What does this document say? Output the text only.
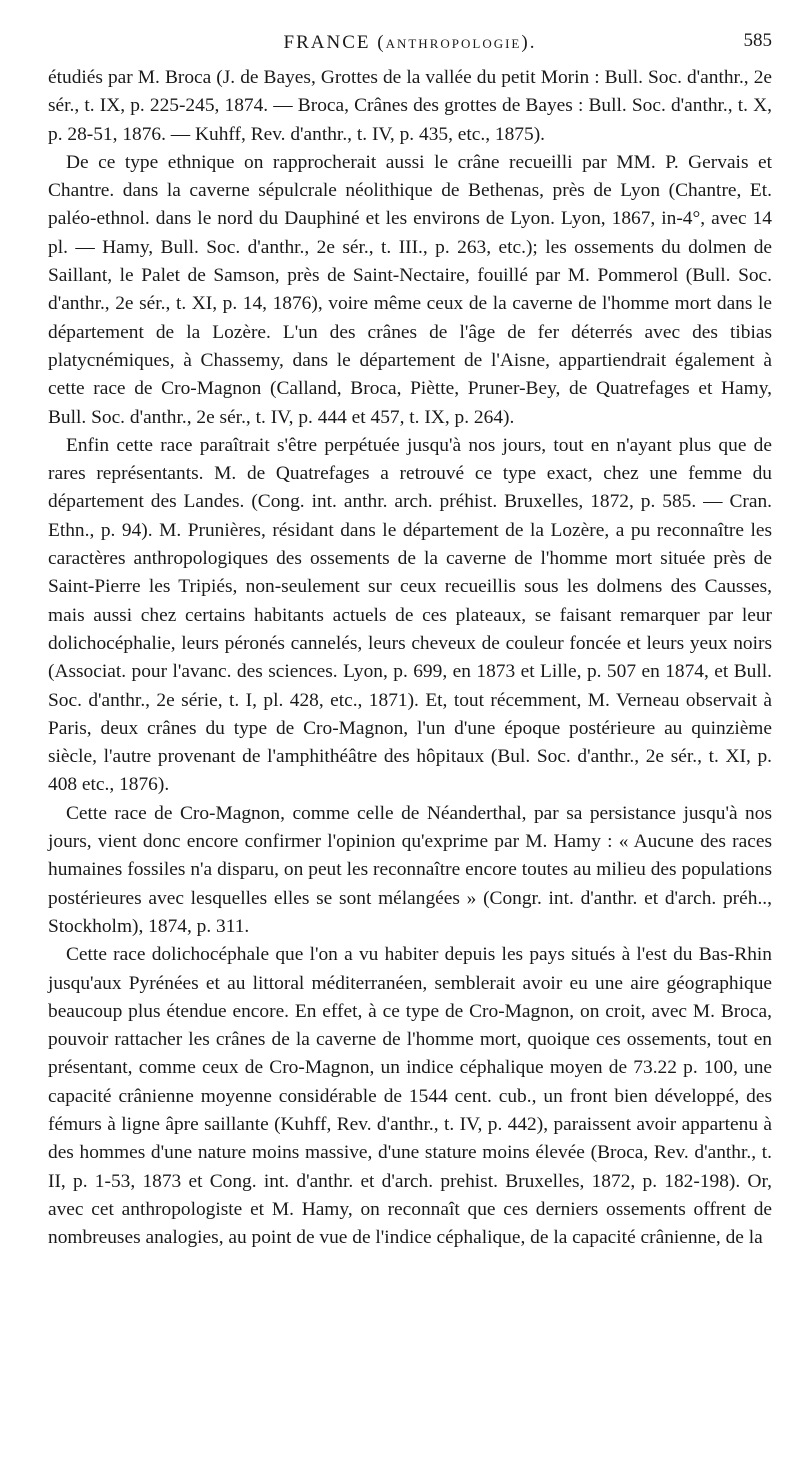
FRANCE (ANTHROPOLOGIE).	585

étudiés par M. Broca (J. de Bayes, Grottes de la vallée du petit Morin : Bull. Soc. d'anthr., 2e sér., t. IX, p. 225-245, 1874. — Broca, Crânes des grottes de Bayes : Bull. Soc. d'anthr., t. X, p. 28-51, 1876. — Kuhff, Rev. d'anthr., t. IV, p. 435, etc., 1875).

De ce type ethnique on rapprocherait aussi le crâne recueilli par MM. P. Gervais et Chantre. dans la caverne sépulcrale néolithique de Bethenas, près de Lyon (Chantre, Et. paléo-ethnol. dans le nord du Dauphiné et les environs de Lyon. Lyon, 1867, in-4°, avec 14 pl. — Hamy, Bull. Soc. d'anthr., 2e sér., t. III., p. 263, etc.); les ossements du dolmen de Saillant, le Palet de Samson, près de Saint-Nectaire, fouillé par M. Pommerol (Bull. Soc. d'anthr., 2e sér., t. XI, p. 14, 1876), voire même ceux de la caverne de l'homme mort dans le département de la Lozère. L'un des crânes de l'âge de fer déterrés avec des tibias platycnémiques, à Chassemy, dans le département de l'Aisne, appartiendrait également à cette race de Cro-Magnon (Calland, Broca, Piètte, Pruner-Bey, de Quatrefages et Hamy, Bull. Soc. d'anthr., 2e sér., t. IV, p. 444 et 457, t. IX, p. 264).

Enfin cette race paraîtrait s'être perpétuée jusqu'à nos jours, tout en n'ayant plus que de rares représentants. M. de Quatrefages a retrouvé ce type exact, chez une femme du département des Landes. (Cong. int. anthr. arch. préhist. Bruxelles, 1872, p. 585. — Cran. Ethn., p. 94). M. Prunières, résidant dans le département de la Lozère, a pu reconnaître les caractères anthropologiques des ossements de la caverne de l'homme mort située près de Saint-Pierre les Tripiés, non-seulement sur ceux recueillis sous les dolmens des Causses, mais aussi chez certains habitants actuels de ces plateaux, se faisant remarquer par leur dolichocéphalie, leurs péronés cannelés, leurs cheveux de couleur foncée et leurs yeux noirs (Associat. pour l'avanc. des sciences. Lyon, p. 699, en 1873 et Lille, p. 507 en 1874, et Bull. Soc. d'anthr., 2e série, t. I, pl. 428, etc., 1871). Et, tout récemment, M. Verneau observait à Paris, deux crânes du type de Cro-Magnon, l'un d'une époque postérieure au quinzième siècle, l'autre provenant de l'amphithéâtre des hôpitaux (Bul. Soc. d'anthr., 2e sér., t. XI, p. 408 etc., 1876).

Cette race de Cro-Magnon, comme celle de Néanderthal, par sa persistance jusqu'à nos jours, vient donc encore confirmer l'opinion qu'exprime par M. Hamy : « Aucune des races humaines fossiles n'a disparu, on peut les reconnaître encore toutes au milieu des populations postérieures avec lesquelles elles se sont mélangées » (Congr. int. d'anthr. et d'arch. préh.., Stockholm), 1874, p. 311.

Cette race dolichocéphale que l'on a vu habiter depuis les pays situés à l'est du Bas-Rhin jusqu'aux Pyrénées et au littoral méditerranéen, semblerait avoir eu une aire géographique beaucoup plus étendue encore. En effet, à ce type de Cro-Magnon, on croit, avec M. Broca, pouvoir rattacher les crânes de la caverne de l'homme mort, quoique ces ossements, tout en présentant, comme ceux de Cro-Magnon, un indice céphalique moyen de 73.22 p. 100, une capacité crânienne moyenne considérable de 1544 cent. cub., un front bien développé, des fémurs à ligne âpre saillante (Kuhff, Rev. d'anthr., t. IV, p. 442), paraissent avoir appartenu à des hommes d'une nature moins massive, d'une stature moins élevée (Broca, Rev. d'anthr., t. II, p. 1-53, 1873 et Cong. int. d'anthr. et d'arch. prehist. Bruxelles, 1872, p. 182-198). Or, avec cet anthropologiste et M. Hamy, on reconnaît que ces derniers ossements offrent de nombreuses analogies, au point de vue de l'indice céphalique, de la capacité crânienne, de la
